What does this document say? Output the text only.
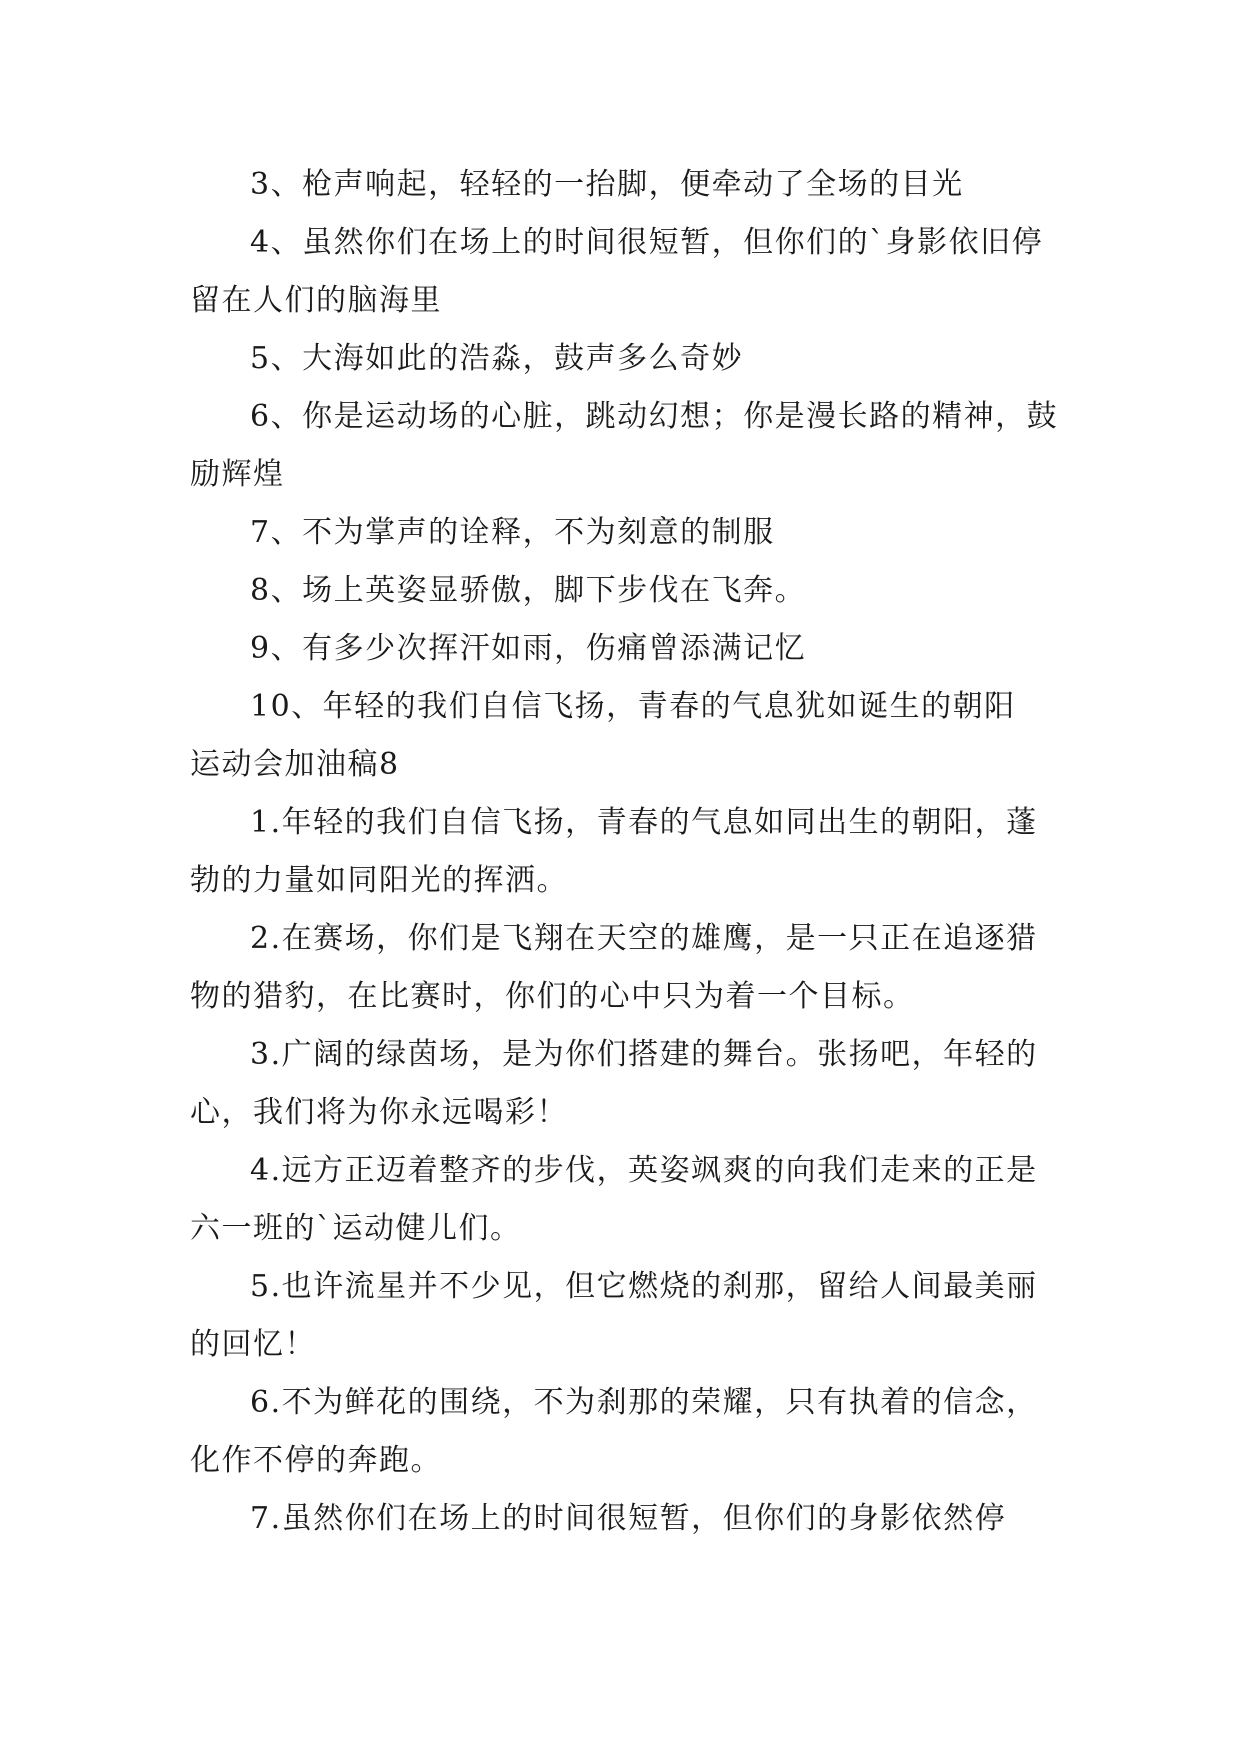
3、枪声响起，轻轻的一抬脚，便牵动了全场的目光

4、虽然你们在场上的时间很短暂，但你们的`身影依旧停留在人们的脑海里

5、大海如此的浩淼，鼓声多么奇妙

6、你是运动场的心脏，跳动幻想；你是漫长路的精神，鼓励辉煌

7、不为掌声的诠释，不为刻意的制服

8、场上英姿显骄傲，脚下步伐在飞奔。

9、有多少次挥汗如雨，伤痛曾添满记忆

10、年轻的我们自信飞扬，青春的气息犹如诞生的朝阳

运动会加油稿8

1.年轻的我们自信飞扬，青春的气息如同出生的朝阳，蓬勃的力量如同阳光的挥洒。

2.在赛场，你们是飞翔在天空的雄鹰，是一只正在追逐猎物的猎豹，在比赛时，你们的心中只为着一个目标。

3.广阔的绿茵场，是为你们搭建的舞台。张扬吧，年轻的心，我们将为你永远喝彩！

4.远方正迈着整齐的步伐，英姿飒爽的向我们走来的正是六一班的`运动健儿们。

5.也许流星并不少见，但它燃烧的刹那，留给人间最美丽的回忆！

6.不为鲜花的围绕，不为刹那的荣耀，只有执着的信念，化作不停的奔跑。

7.虽然你们在场上的时间很短暂，但你们的身影依然停
